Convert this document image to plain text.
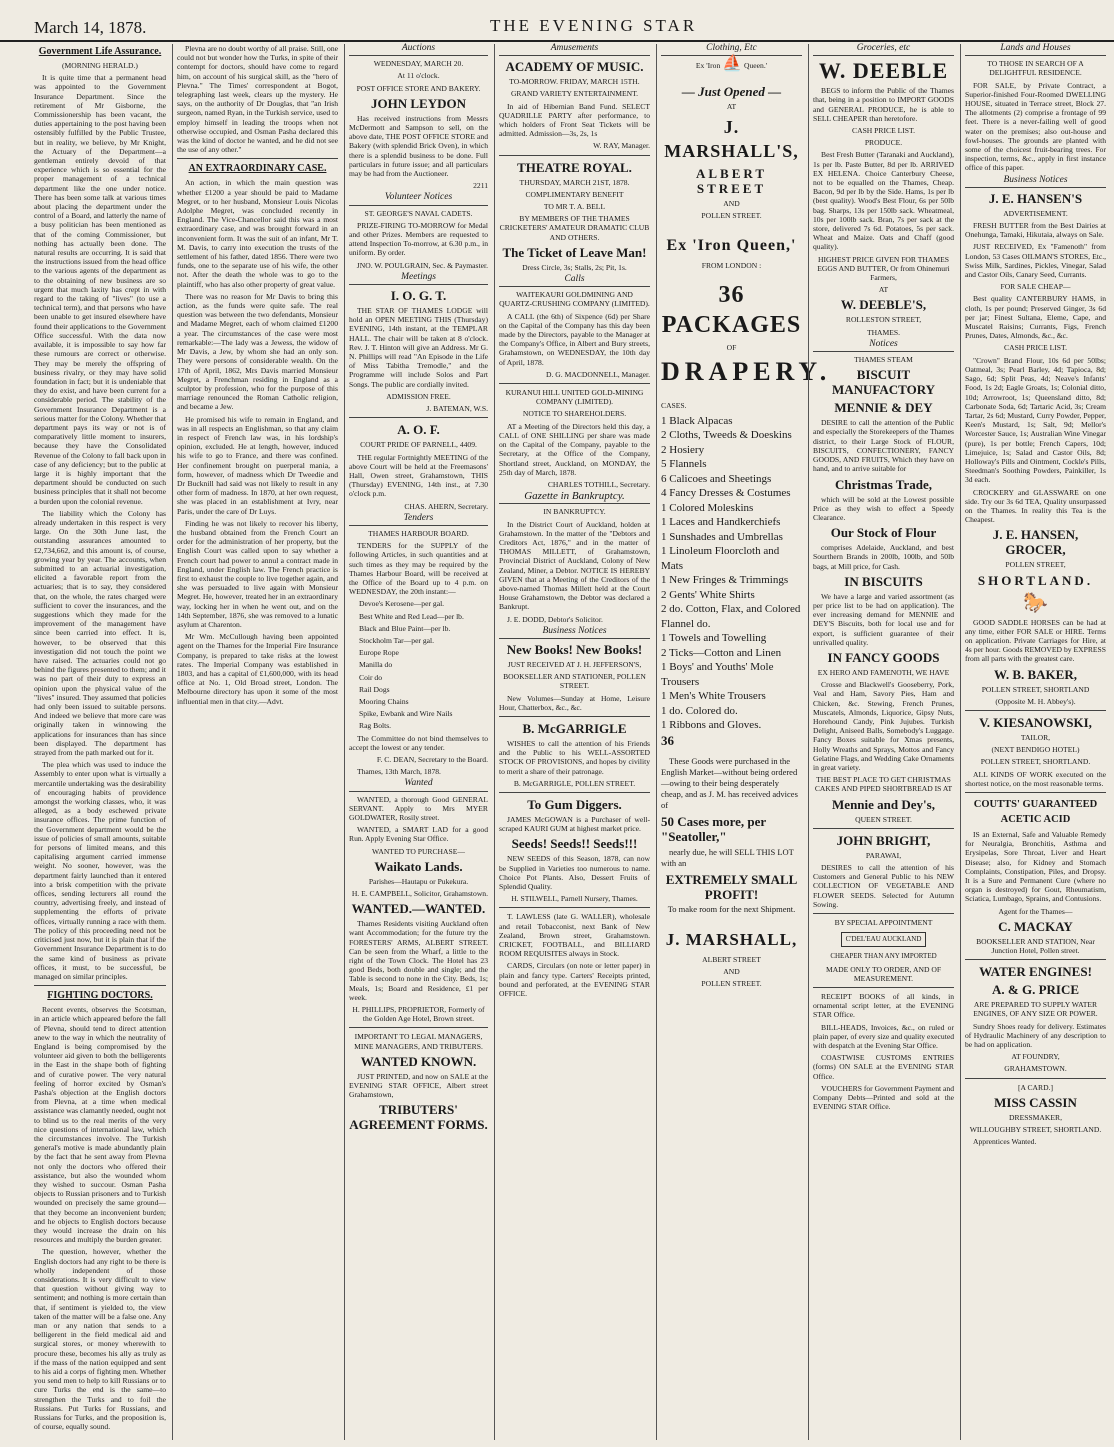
March 14, 1878.	THE EVENING STAR
Government Life Assurance.

(MORNING HERALD.)

It is quite time that a permanent head was appointed to the Government Insurance Department. Since the retirement of Mr Gisborne, the Commissionership has been vacant, the duties appertaining to the post having been ostensibly fulfilled by the Public Trustee, but in reality, we believe, by Mr Knight, the Actuary of the Department—a gentleman entirely devoid of that experience which is so essential for the proper management of a technical department like the one under notice. There has been some talk at various times about placing the department under the control of a Board, and latterly the name of a busy politician has been mentioned as that of the coming Commissioner, but nothing has actually been done. The natural results are occurring. It is said that the instructions issued from the head office to the various agents of the department as to the obtaining of new business are so urgent that much laxity has crept in with regard to the taking of "lives" (to use a technical term), and that persons who have been unable to get insured elsewhere have found their applications to the Government Office successful. With the data now available, it is impossible to say how far these rumours are correct or otherwise. They may be merely the offspring of business rivalry, or they may have solid foundation in fact; but it is undeniable that they do exist, and have been current for a considerable period. The stability of the Government Insurance Department is a serious matter for the Colony. Whether that department pays its way or not is of comparatively little moment to insurers, because they have the Consolidated Revenue of the Colony to fall back upon in case of any deficiency; but to the public at large it is highly important that the department should be conducted on such business principles that it shall not become a burden upon the colonial revenue.

The liability which the Colony has already undertaken in this respect is very large. On the 30th June last, the outstanding assurances amounted to £2,734,662, and this amount is, of course, growing year by year. The accounts, when submitted to an actuarial investigation, elicited a favorable report from the actuaries; that is to say, they considered that, on the whole, the rates charged were sufficient to cover the insurances, and the suggestions which they made for the improvement of the management have since been carried into effect. It is, however, to be observed that this investigation did not touch the point we have raised. The actuaries could not go behind the figures presented to them; and it was no part of their duty to express an opinion upon the physical value of the "lives" insured. They assumed that policies had only been issued to suitable persons. And indeed we believe that more care was originally taken in winnowing the applications for insurances than has since been displayed. The department has strayed from the path marked out for it.

The plea which was used to induce the Assembly to enter upon what is virtually a mercantile undertaking was the desirability of encouraging habits of providence amongst the working classes, who, it was alleged, as a body eschewed private insurance offices. The prime function of the Government department would be the issue of policies of small amounts, suitable for persons of limited means, and this capitalising argument carried immense weight. No sooner, however, was the department fairly launched than it entered into a brisk competition with the private offices, sending lecturers all round the country, advertising freely, and instead of supplementing the efforts of private offices, virtually running a race with them. The policy of this proceeding need not be criticised just now, but it is plain that if the Government Insurance Department is to do the same kind of business as private offices, it must, to be successful, be managed on similar principles.

FIGHTING DOCTORS.

Recent events, observes the Scotsman, in an article which appeared before the fall of Plevna, should tend to direct attention anew to the way in which the neutrality of England is being compromised by the volunteer aid given to both the belligerents in the East in the shape both of fighting and of curative power. The very natural feeling of horror excited by Osman's Pasha's objection at the English doctors from Plevna, at a time when medical assistance was clamantly needed, ought not to blind us to the real merits of the very nice questions of international law, which the circumstances involve. The Turkish general's motive is made abundantly plain by the fact that he sent away from Plevna not only the doctors who offered their assistance, but also the wounded whom they wished to succour. Osman Pasha objects to Russian prisoners and to Turkish wounded on precisely the same ground—that they become an inconvenient burden; and he objects to English doctors because they would increase the drain on his resources and multiply the burden greater.

The question, however, whether the English doctors had any right to be there is wholly independent of those considerations. It is very difficult to view that question without giving way to sentiment; and nothing is more certain than that, if sentiment is yielded to, the view taken of the matter will be a false one. Any man or any nation that sends to a belligerent in the field medical aid and surgical stores, or money wherewith to procure these, becomes his ally as truly as if the mass of the nation equipped and sent to his aid a corps of fighting men. Whether you send men to help to kill Russians or to cure Turks the end is the same—to strengthen the Turks and to foil the Russians. Put Turks for Russians, and Russians for Turks, and the proposition is, of course, equally sound.

Plevna are no doubt worthy of all praise. Still, one could not but wonder how the Turks, in spite of their contempt for doctors, should have come to regard him, on account of his surgical skill, as the "hero of Plevna." The Times' correspondent at Bogot, telegraphing last week, clears up the mystery. He says, on the authority of Dr Douglas, that "an Irish surgeon, named Ryan, in the Turkish service, used to employ himself in leading the troops when not otherwise occupied, and Osman Pasha declared this was the kind of doctor he wanted, and he did not see the use of any other."

AN EXTRAORDINARY CASE.

An action, in which the main question was whether £1200 a year should be paid to Madame Megret, or to her husband, Monsieur Louis Nicolas Adolphe Megret, was concluded recently in England. The Vice-Chancellor said this was a most extraordinary case, and was brought forward in an inconvenient form. It was the suit of an infant, Mr T. M. Davis, to carry into execution the trusts of the settlement of his father, dated 1856. There were two funds, one to the separate use of his wife, the other not. After the death the whole was to go to the plaintiff, who has also other property of great value.

There was no reason for Mr Davis to bring this action, as the funds were quite safe. The real question was between the two defendants, Monsieur and Madame Megret, each of whom claimed £1200 a year. The circumstances of the case were most remarkable:—The lady was a Jewess, the widow of Mr Davis, a Jew, by whom she had an only son. They were persons of considerable wealth. On the 17th of April, 1862, Mrs Davis married Monsieur Megret, a Frenchman residing in England as a sculptor by profession, who for the purpose of this marriage renounced the Roman Catholic religion, and became a Jew.

He promised his wife to remain in England, and was in all respects an Englishman, so that any claim in respect of French law was, in his lordship's opinion, excluded. He at length, however, induced his wife to go to France, and there was confined. Her confinement brought on puerperal mania, a form, however, of madness which Dr Tweedie and Dr Bucknill had said was not likely to result in any other form of madness. In 1870, at her own request, she was placed in an establishment at Ivry, near Paris, under the care of Dr Luys.

Finding he was not likely to recover his liberty, the husband obtained from the French Court an order for the administration of her property, but the English Court was called upon to say whether a French court had power to annul a contract made in England, under English law. The French practice is first to exhaust the couple to live together again, and she was persuaded to live again with Monsieur Megret. He, however, treated her in an extraordinary way, locking her in when he went out, and on the 14th September, 1876, she was removed to a lunatic asylum at Charenton.

Mr Wm. McCullough having been appointed agent on the Thames for the Imperial Fire Insurance Company, is prepared to take risks at the lowest rates. The Imperial Company was established in 1803, and has a capital of £1,600,000, with its head office at No. 1, Old Broad street, London. The Melbourne directory has upon it some of the most influential men in that city.—Advt.

Auctions

WEDNESDAY, MARCH 20.

At 11 o'clock.

POST OFFICE STORE AND BAKERY.

JOHN LEYDON

Has received instructions from Messrs McDermott and Sampson to sell, on the above date, THE POST OFFICE STORE and Bakery (with splendid Brick Oven), in which there is a splendid business to be done. Full particulars in future issue; and all particulars may be had from the Auctioneer.

2211

Volunteer Notices

ST. GEORGE'S NAVAL CADETS.

PRIZE-FIRING TO-MORROW for Medal and other Prizes. Members are requested to attend Inspection To-morrow, at 6.30 p.m., in uniform. By order.

JNO. W. POULGRAIN, Sec. & Paymaster.

Meetings

I. O. G. T.

THE STAR OF THAMES LODGE will hold an OPEN MEETING THIS (Thursday) EVENING, 14th instant, at the TEMPLAR HALL. The chair will be taken at 8 o'clock. Rev. J. T. Hinton will give an Address. Mr G. N. Phillips will read "An Episode in the Life of Miss Tabitha Tremodle," and the Programme will include Solos and Part Songs. The public are cordially invited.

ADMISSION FREE.

J. BATEMAN, W.S.

A. O. F.

COURT PRIDE OF PARNELL, 4409.

THE regular Fortnightly MEETING of the above Court will be held at the Freemasons' Hall, Owen street, Grahamstown, THIS (Thursday) EVENING, 14th inst., at 7.30 o'clock p.m.

CHAS. AHERN, Secretary.

Tenders

THAMES HARBOUR BOARD.

TENDERS for the SUPPLY of the following Articles, in such quantities and at such times as they may be required by the Thames Harbour Board, will be received at the Office of the Board up to 4 p.m. on WEDNESDAY, the 20th instant:—

Devoe's Kerosene—per gal.

Best White and Red Lead—per lb.

Black and Blue Paint—per lb.

Stockholm Tar—per gal.

Europe Rope

Manilla do

Coir do

Rail Dogs

Mooring Chains

Spike, Ewbank and Wire Nails

Rag Bolts.

The Committee do not bind themselves to accept the lowest or any tender.

F. C. DEAN, Secretary to the Board.

Thames, 13th March, 1878.

Wanted

WANTED, a thorough Good GENERAL SERVANT. Apply to Mrs MYER GOLDWATER, Rosily street.

WANTED, a SMART LAD for a good Run. Apply Evening Star Office.

WANTED TO PURCHASE—

Waikato Lands.

Parishes—Hautapu or Pukekura.

H. E. CAMPBELL, Solicitor, Grahamstown.

WANTED.—WANTED.

Thames Residents visiting Auckland often want Accommodation; for the future try the FORESTERS' ARMS, ALBERT STREET. Can be seen from the Wharf, a little to the right of the Town Clock. The Hotel has 23 good Beds, both double and single; and the Table is second to none in the City. Beds, 1s; Meals, 1s; Board and Residence, £1 per week.

H. PHILLIPS, PROPRIETOR, Formerly of the Golden Age Hotel, Brown street.

IMPORTANT TO LEGAL MANAGERS, MINE MANAGERS, AND TRIBUTERS.

WANTED KNOWN.

JUST PRINTED, and now on SALE at the EVENING STAR OFFICE, Albert street Grahamstown,

TRIBUTERS' AGREEMENT FORMS.

Amusements

ACADEMY OF MUSIC.

TO-MORROW. FRIDAY, MARCH 15TH.

GRAND VARIETY ENTERTAINMENT.

In aid of Hibernian Band Fund. SELECT QUADRILLE PARTY after performance, to which holders of Front Seat Tickets will be admitted. Admission—3s, 2s, 1s

W. RAY, Manager.

THEATRE ROYAL.

THURSDAY, MARCH 21ST, 1878.

COMPLIMENTARY BENEFIT

TO MR T. A. BELL

BY MEMBERS OF THE THAMES CRICKETERS' AMATEUR DRAMATIC CLUB AND OTHERS.

The Ticket of Leave Man!

Dress Circle, 3s; Stalls, 2s; Pit, 1s.

Calls

WAITEKAURI GOLDMINING AND QUARTZ-CRUSHING COMPANY (LIMITED).

A CALL (the 6th) of Sixpence (6d) per Share on the Capital of the Company has this day been made by the Directors, payable to the Manager at the Company's Office, in Albert and Bury streets, Grahamstown, on WEDNESDAY, the 10th day of April, 1878.

D. G. MACDONNELL, Manager.

KURANUI HILL UNITED GOLD-MINING COMPANY (LIMITED).

NOTICE TO SHAREHOLDERS.

AT a Meeting of the Directors held this day, a CALL of ONE SHILLING per share was made on the Capital of the Company, payable to the Secretary, at the Office of the Company, Shortland street, Auckland, on MONDAY, the 25th day of March, 1878.

CHARLES TOTHILL, Secretary.

Gazette in Bankruptcy.

IN BANKRUPTCY.

In the District Court of Auckland, holden at Grahamstown. In the matter of the "Debtors and Creditors Act, 1876," and in the matter of THOMAS MILLETT, of Grahamstown, Provincial District of Auckland, Colony of New Zealand, Miner, a Debtor. NOTICE IS HEREBY GIVEN that at a Meeting of the Creditors of the above-named Thomas Millett held at the Court House Grahamstown, the Debtor was declared a Bankrupt.

J. E. DODD, Debtor's Solicitor.

Business Notices

New Books! New Books!

JUST RECEIVED AT J. H. JEFFERSON'S,

BOOKSELLER AND STATIONER, POLLEN STREET.

New Volumes—Sunday at Home, Leisure Hour, Chatterbox, &c., &c.

B. McGARRIGLE

WISHES to call the attention of his Friends and the Public to his WELL-ASSORTED STOCK OF PROVISIONS, and hopes by civility to merit a share of their patronage.

B. McGARRIGLE, POLLEN STREET.

To Gum Diggers.

JAMES McGOWAN is a Purchaser of well-scraped KAURI GUM at highest market price.

Seeds! Seeds!! Seeds!!!

NEW SEEDS of this Season, 1878, can now be Supplied in Varieties too numerous to name. Choice Pot Plants. Also, Dessert Fruits of Splendid Quality.

H. STILWELL, Parnell Nursery, Thames.

T. LAWLESS (late G. WALLER), wholesale and retail Tobacconist, next Bank of New Zealand, Brown street, Grahamstown. CRICKET, FOOTBALL, and BILLIARD ROOM REQUISITES always in Stock.

CARDS, Circulars (on note or letter paper) in plain and fancy type. Carters' Receipts printed, bound and perforated, at the EVENING STAR OFFICE.

Clothing, Etc

Ex 'Iron ⛵ Queen.'

— Just Opened —

AT

J. MARSHALL'S,

ALBERT STREET

AND

POLLEN STREET.

Ex 'Iron Queen,'

FROM LONDON :

36 PACKAGES

OF

DRAPERY.

CASES.

1 Black Alpacas

2 Cloths, Tweeds & Doeskins

2 Hosiery

5 Flannels

6 Calicoes and Sheetings

4 Fancy Dresses & Costumes

1 Colored Moleskins

1 Laces and Handkerchiefs

1 Sunshades and Umbrellas

1 Linoleum Floorcloth and Mats

1 New Fringes & Trimmings

2 Gents' White Shirts

2 do. Cotton, Flax, and Colored Flannel do.

1 Towels and Towelling

2 Ticks—Cotton and Linen

1 Boys' and Youths' Mole Trousers

1 Men's White Trousers

1 do. Colored do.

1 Ribbons and Gloves.

36

These Goods were purchased in the English Market—without being ordered—owing to their being desperately cheap, and as J. M. has received advices of

50 Cases more, per "Seatoller,"

nearly due, he will SELL THIS LOT with an

EXTREMELY SMALL PROFIT!

To make room for the next Shipment.

J. MARSHALL,

ALBERT STREET

AND

POLLEN STREET.

Groceries, etc

W. DEEBLE

BEGS to inform the Public of the Thames that, being in a position to IMPORT GOODS and GENERAL PRODUCE, he is able to SELL CHEAPER than heretofore.

CASH PRICE LIST.

PRODUCE.

Best Fresh Butter (Taranaki and Auckland), 1s per lb. Paste Butter, 8d per lb. ARRIVED EX HELENA. Choice Canterbury Cheese, not to be equalled on the Thames, Cheap. Bacon, 9d per lb by the Side. Hams, 1s per lb (best quality). Wood's Best Flour, 6s per 50lb bag. Sharps, 13s per 150lb sack. Wheatmeal, 10s per 100lb sack. Bran, 7s per sack at the store, delivered 7s 6d. Potatoes, 5s per sack. Wheat and Maize. Oats and Chaff (good quality).

HIGHEST PRICE GIVEN FOR THAMES EGGS AND BUTTER, Or from Ohinemuri Farmers,

AT

W. DEEBLE'S,

ROLLESTON STREET,

THAMES.

Notices

THAMES STEAM

BISCUIT MANUFACTORY

MENNIE & DEY

DESIRE to call the attention of the Public and especially the Storekeepers of the Thames district, to their Large Stock of FLOUR, BISCUITS, CONFECTIONERY, FANCY GOODS, AND FRUITS, Which they have on hand, and to arrive suitable for

Christmas Trade,

which will be sold at the Lowest possible Price as they wish to effect a Speedy Clearance.

Our Stock of Flour

comprises Adelaide, Auckland, and best Sourthern Brands in 200lb, 100lb, and 50lb bags, at Mill price, for Cash.

IN BISCUITS

We have a large and varied assortment (as per price list to be had on application). The ever increasing demand for MENNIE and DEY'S Biscuits, both for local use and for export, is sufficient guarantee of their unrivalled quality.

IN FANCY GOODS

EX HERO AND FAMENOTH, WE HAVE

Crosse and Blackwell's Gooseberry, Pork, Veal and Ham, Savory Pies, Ham and Chicken, &c. Stewing, French Prunes, Muscatels, Almonds, Liquorice, Gipsy Nuts, Horehound Candy, Pink Jujubes. Turkish Delight, Aniseed Balls, Somebody's Luggage. Fancy Boxes suitable for Xmas presents, Holly Wreaths and Sprays, Mottos and Fancy Gelatine Flags, and Wedding Cake Ornaments in great variety.

THE BEST PLACE TO GET CHRISTMAS CAKES AND PIPED SHORTBREAD IS AT

Mennie and Dey's,

QUEEN STREET.

JOHN BRIGHT,

PARAWAI,

DESIRES to call the attention of his Customers and General Public to his NEW COLLECTION OF VEGETABLE AND FLOWER SEEDS. Selected for Autumn Sowing.

BY SPECIAL APPOINTMENT

C'DEL'EAU AUCKLAND

CHEAPER THAN ANY IMPORTED

MADE ONLY TO ORDER, AND OF MEASUREMENT.

RECEIPT BOOKS of all kinds, in ornamental script letter, at the EVENING STAR Office.

BILL-HEADS, Invoices, &c., on ruled or plain paper, of every size and quality executed with despatch at the Evening Star Office.

COASTWISE CUSTOMS ENTRIES (forms) ON SALE at the EVENING STAR Office.

VOUCHERS for Government Payment and Company Debts—Printed and sold at the EVENING STAR Office.

Lands and Houses

TO THOSE IN SEARCH OF A DELIGHTFUL RESIDENCE.

FOR SALE, by Private Contract, a Superior-finished Four-Roomed DWELLING HOUSE, situated in Terrace street, Block 27. The allotments (2) comprise a frontage of 99 feet. There is a never-failing well of good water on the premises; also out-house and fowl-houses. The grounds are planted with some of the choicest fruit-bearing trees. For inspection, terms, &c., apply in first instance office of this paper.

Business Notices

J. E. HANSEN'S

ADVERTISEMENT.

FRESH BUTTER from the Best Dairies at Onehunga, Tamaki, Hikutaia, always on Sale.

JUST RECEIVED, Ex "Famenoth" from London, 53 Cases OILMAN'S STORES, Etc., Swiss Milk, Sardines, Pickles, Vinegar, Salad and Castor Oils, Canary Seed, Currants.

FOR SALE CHEAP—

Best quality CANTERBURY HAMS, in cloth, 1s per pound; Preserved Ginger, 3s 6d per jar; Finest Sultana, Eleme, Cape, and Muscatel Raisins; Currants, Figs, French Prunes, Dates, Almonds, &c., &c.

CASH PRICE LIST.

"Crown" Brand Flour, 10s 6d per 50lbs; Oatmeal, 3s; Pearl Barley, 4d; Tapioca, 8d; Sago, 6d; Split Peas, 4d; Neave's Infants' Food, 1s 2d; Eagle Groats, 1s; Colonial ditto, 10d; Arrowroot, 1s; Queensland ditto, 8d; Carbonate Soda, 6d; Tartaric Acid, 3s; Cream Tartar, 2s 6d; Mustard, Curry Powder, Pepper, Keen's Mustard, 1s; Salt, 9d; Mellor's Worcester Sauce, 1s; Australian Wine Vinegar (pure), 1s per bottle; French Capers, 10d; Limejuice, 1s; Salad and Castor Oils, 8d; Holloway's Pills and Ointment, Cockle's Pills, Steedman's Soothing Powders, Painkiller, 1s 3d each.

CROCKERY and GLASSWARE on one side. Try our 3s 6d TEA, Quality unsurpassed on the Thames. In reality this Tea is the Cheapest.

J. E. HANSEN, GROCER,

POLLEN STREET,

SHORTLAND.

🐎

GOOD SADDLE HORSES can be had at any time, either FOR SALE or HIRE. Terms on application. Private Carriages for Hire, at 4s per hour. Goods REMOVED by EXPRESS from all parts with the greatest care.

W. B. BAKER,

POLLEN STREET, SHORTLAND

(Opposite M. H. Abbey's).

V. KIESANOWSKI,

TAILOR,

(NEXT BENDIGO HOTEL)

POLLEN STREET, SHORTLAND.

ALL KINDS OF WORK executed on the shortest notice, on the most reasonable terms.

COUTTS' GUARANTEED ACETIC ACID

IS an External, Safe and Valuable Remedy for Neuralgia, Bronchitis, Asthma and Erysipelas, Sore Throat, Liver and Heart Disease; also, for Kidney and Stomach Complaints, Constipation, Piles, and Dropsy. It is a Sure and Permanent Cure (where no organ is destroyed) for Gout, Rheumatism, Sciatica, Lumbago, Sprains, and Contusions.

Agent for the Thames—

C. MACKAY

BOOKSELLER AND STATION, Near Junction Hotel, Pollen street.

WATER ENGINES!

A. & G. PRICE

ARE PREPARED TO SUPPLY WATER ENGINES, OF ANY SIZE OR POWER.

Sundry Shoes ready for delivery. Estimates of Hydraulic Machinery of any description to be had on application.

AT FOUNDRY,

GRAHAMSTOWN.

[A CARD.]

MISS CASSIN

DRESSMAKER,

WILLOUGHBY STREET, SHORTLAND.

Apprentices Wanted.
